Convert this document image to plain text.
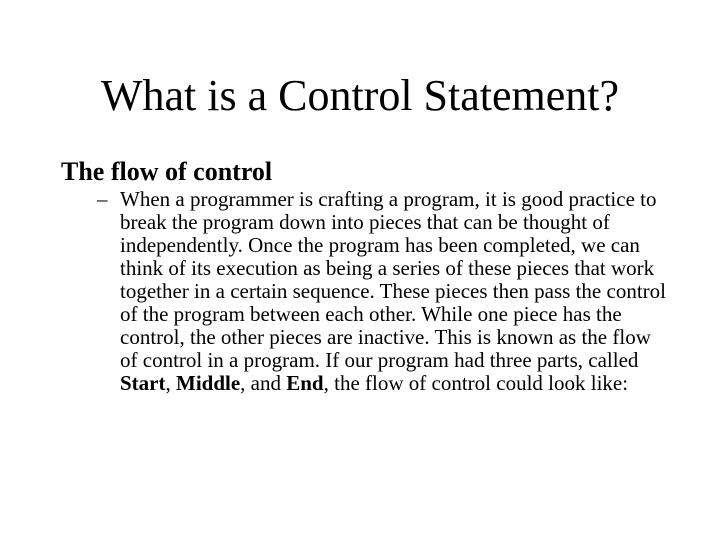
What is a Control Statement?
The flow of control
– When a programmer is crafting a program, it is good practice to break the program down into pieces that can be thought of independently. Once the program has been completed, we can think of its execution as being a series of these pieces that work together in a certain sequence. These pieces then pass the control of the program between each other. While one piece has the control, the other pieces are inactive. This is known as the flow of control in a program. If our program had three parts, called Start, Middle, and End, the flow of control could look like:
